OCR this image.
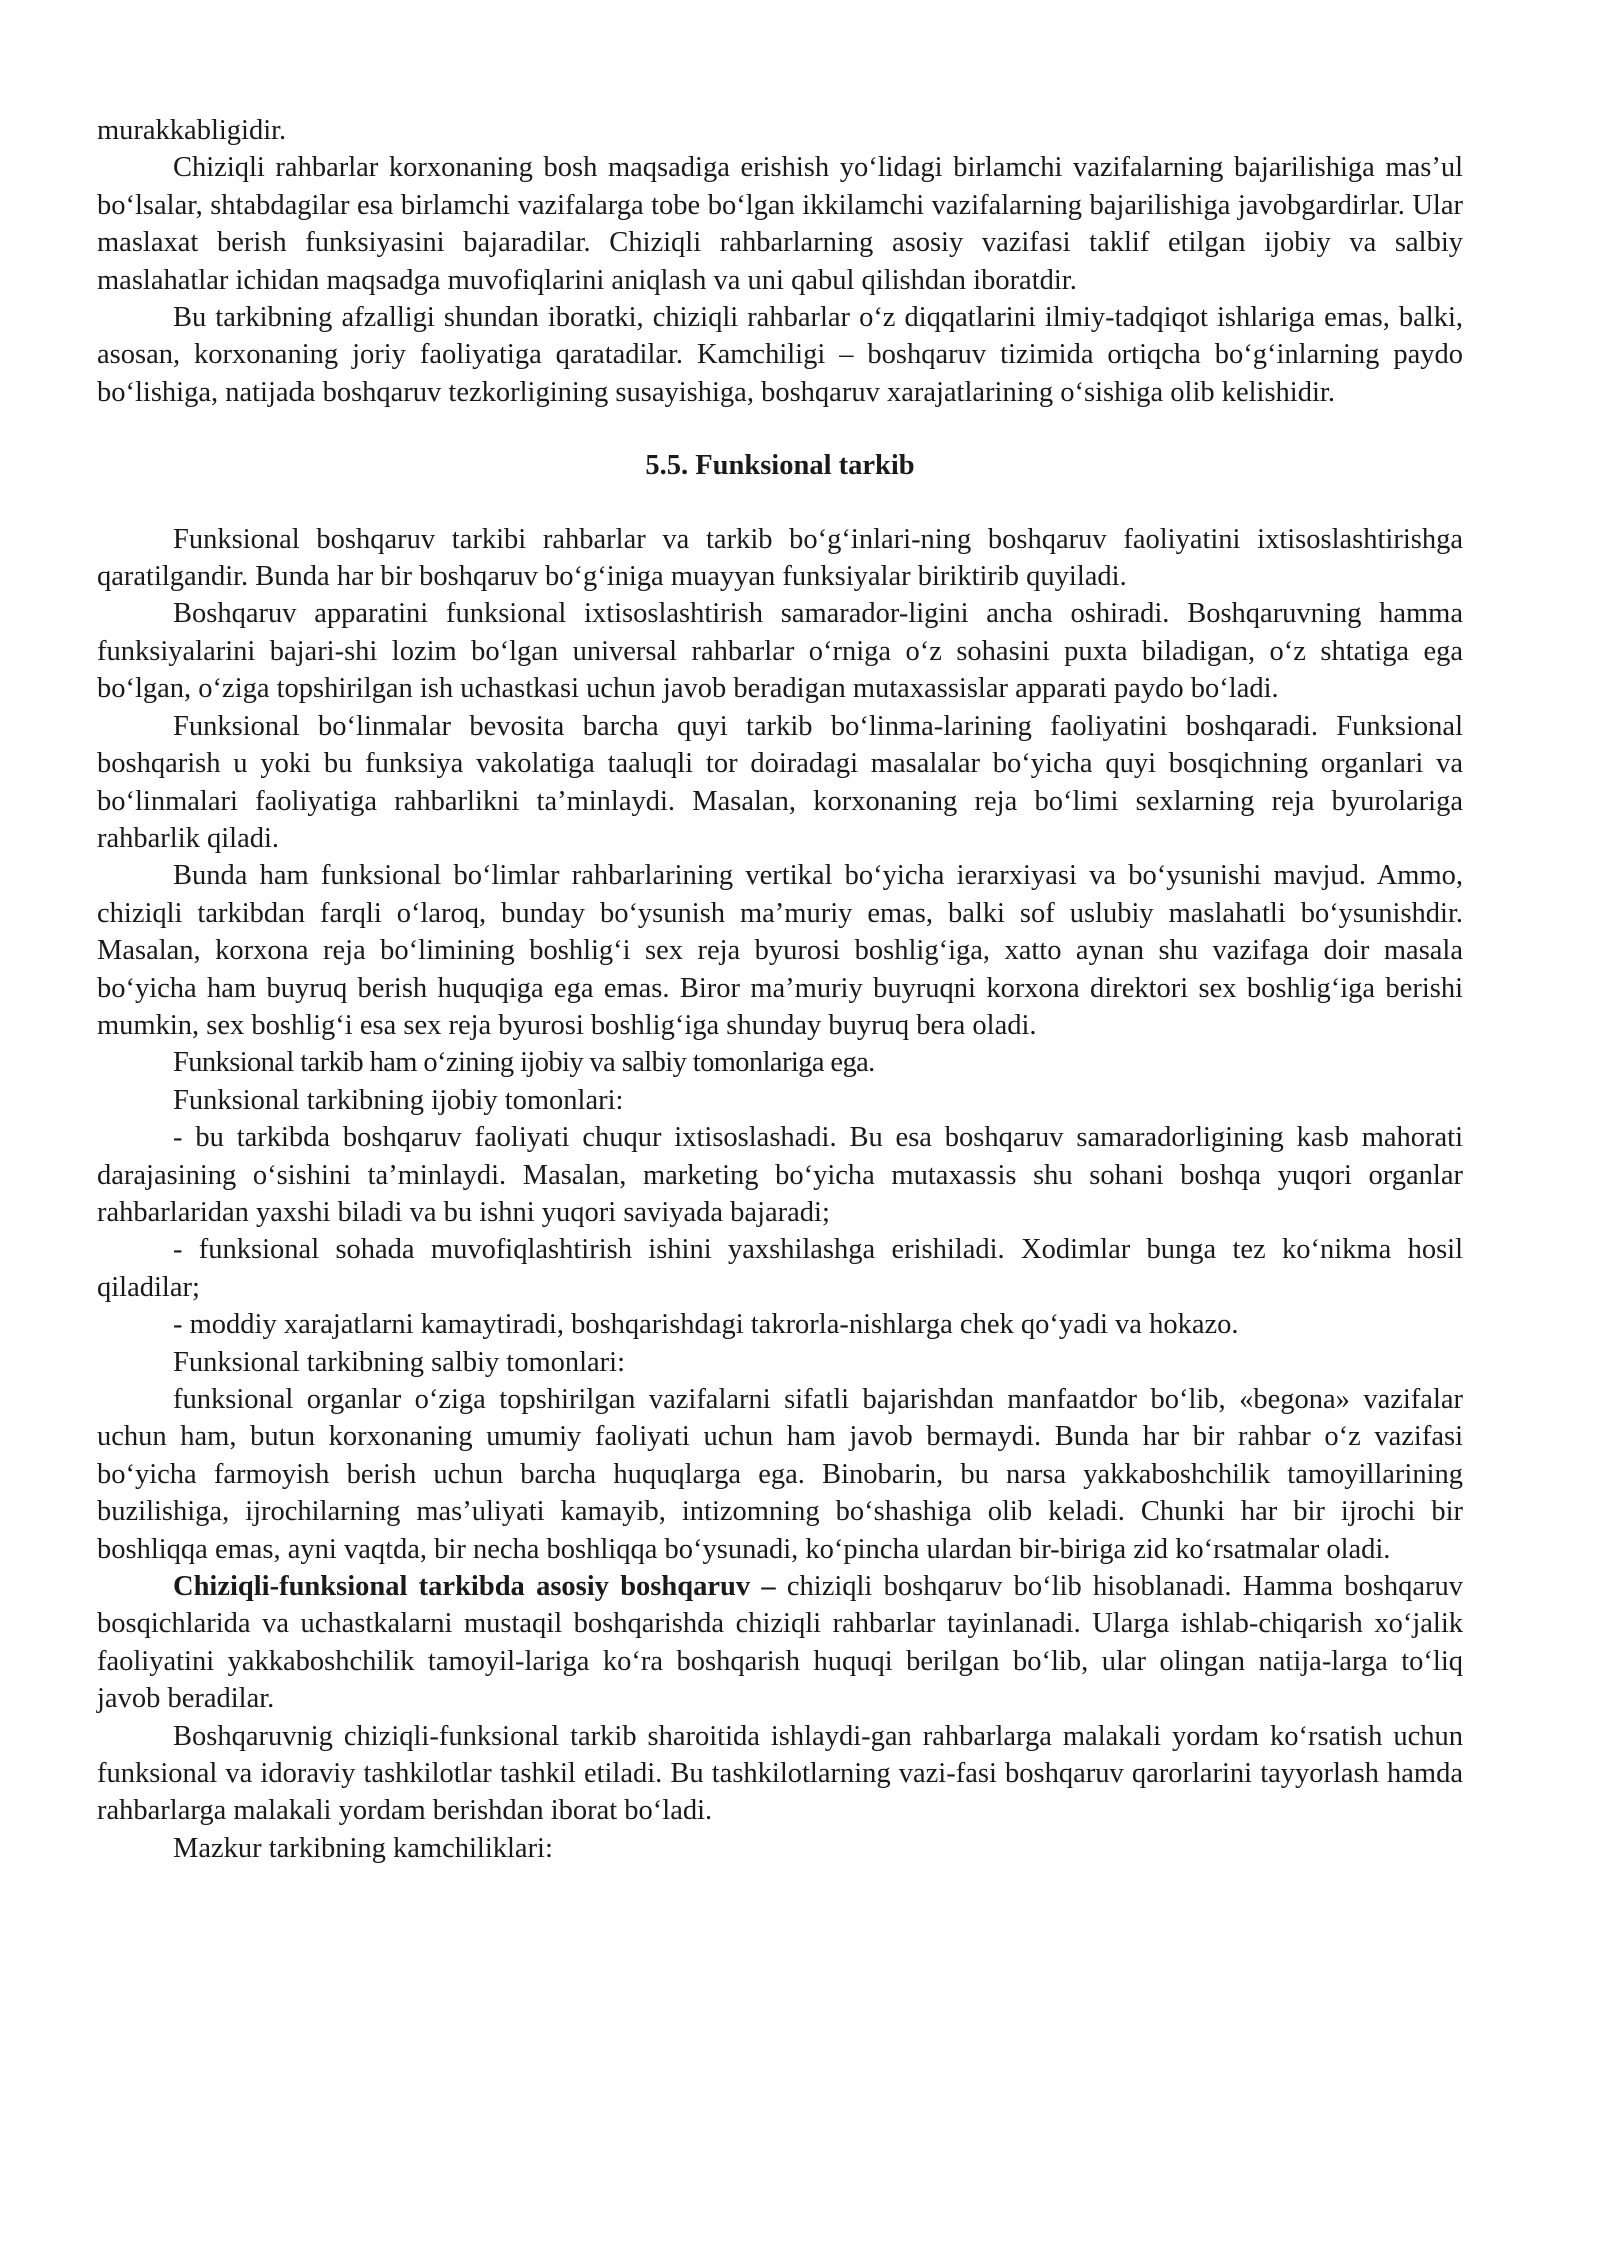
murakkabligidir.

Chiziqli rahbarlar korxonaning bosh maqsadiga erishish yo‘lidagi birlamchi vazifalarning bajarilishiga mas’ul bo‘lsalar, shtabdagilar esa birlamchi vazifalarga tobe bo‘lgan ikkilamchi vazifalarning bajarilishiga javobgardirlar. Ular maslaxat berish funksiyasini bajaradilar. Chiziqli rahbarlarning asosiy vazifasi taklif etilgan ijobiy va salbiy maslahatlar ichidan maqsadga muvofiqlarini aniqlash va uni qabul qilishdan iboratdir.

Bu tarkibning afzalligi shundan iboratki, chiziqli rahbarlar o‘z diqqatlarini ilmiy-tadqiqot ishlariga emas, balki, asosan, korxonaning joriy faoliyatiga qaratadilar. Kamchiligi – boshqaruv tizimida ortiqcha bo‘g‘inlarning paydo bo‘lishiga, natijada boshqaruv tezkorligining susayishiga, boshqaruv xarajatlarining o‘sishiga olib kelishidir.

5.5. Funksional tarkib

Funksional boshqaruv tarkibi rahbarlar va tarkib bo‘g‘inlari-ning boshqaruv faoliyatini ixtisoslashtirishga qaratilgandir. Bunda har bir boshqaruv bo‘g‘iniga muayyan funksiyalar biriktirib quyiladi.

Boshqaruv apparatini funksional ixtisoslashtirish samarador-ligini ancha oshiradi. Boshqaruvning hamma funksiyalarini bajari-shi lozim bo‘lgan universal rahbarlar o‘rniga o‘z sohasini puxta biladigan, o‘z shtatiga ega bo‘lgan, o‘ziga topshirilgan ish uchastkasi uchun javob beradigan mutaxassislar apparati paydo bo‘ladi.

Funksional bo‘linmalar bevosita barcha quyi tarkib bo‘linma-larining faoliyatini boshqaradi. Funksional boshqarish u yoki bu funksiya vakolatiga taaluqli tor doiradagi masalalar bo‘yicha quyi bosqichning organlari va bo‘linmalari faoliyatiga rahbarlikni ta’minlaydi. Masalan, korxonaning reja bo‘limi sexlarning reja byurolariga rahbarlik qiladi.

Bunda ham funksional bo‘limlar rahbarlarining vertikal bo‘yicha ierarxiyasi va bo‘ysunishi mavjud. Ammo, chiziqli tarkibdan farqli o‘laroq, bunday bo‘ysunish ma’muriy emas, balki sof uslubiy maslahatli bo‘ysunishdir. Masalan, korxona reja bo‘limining boshlig‘i sex reja byurosi boshlig‘iga, xatto aynan shu vazifaga doir masala bo‘yicha ham buyruq berish huquqiga ega emas. Biror ma’muriy buyruqni korxona direktori sex boshlig‘iga berishi mumkin, sex boshlig‘i esa sex reja byurosi boshlig‘iga shunday buyruq bera oladi.

Funksional tarkib ham o‘zining ijobiy va salbiy tomonlariga ega.

Funksional tarkibning ijobiy tomonlari:

- bu tarkibda boshqaruv faoliyati chuqur ixtisoslashadi. Bu esa boshqaruv samaradorligining kasb mahorati darajasining o‘sishini ta’minlaydi. Masalan, marketing bo‘yicha mutaxassis shu sohani boshqa yuqori organlar rahbarlaridan yaxshi biladi va bu ishni yuqori saviyada bajaradi;

- funksional sohada muvofiqlashtirish ishini yaxshilashga erishiladi. Xodimlar bunga tez ko‘nikma hosil qiladilar;

- moddiy xarajatlarni kamaytiradi, boshqarishdagi takrorla-nishlarga chek qo‘yadi va hokazo.

Funksional tarkibning salbiy tomonlari:

funksional organlar o‘ziga topshirilgan vazifalarni sifatli bajarishdan manfaatdor bo‘lib, «begona» vazifalar uchun ham, butun korxonaning umumiy faoliyati uchun ham javob bermaydi. Bunda har bir rahbar o‘z vazifasi bo‘yicha farmoyish berish uchun barcha huquqlarga ega. Binobarin, bu narsa yakkaboshchilik tamoyillarining buzilishiga, ijrochilarning mas’uliyati kamayib, intizomning bo‘shashiga olib keladi. Chunki har bir ijrochi bir boshliqqa emas, ayni vaqtda, bir necha boshliqqa bo‘ysunadi, ko‘pincha ulardan bir-biriga zid ko‘rsatmalar oladi.

Chiziqli-funksional tarkibda asosiy boshqaruv – chiziqli boshqaruv bo‘lib hisoblanadi. Hamma boshqaruv bosqichlarida va uchastkalarni mustaqil boshqarishda chiziqli rahbarlar tayinlanadi. Ularga ishlab-chiqarish xo‘jalik faoliyatini yakkaboshchilik tamoyil-lariga ko‘ra boshqarish huquqi berilgan bo‘lib, ular olingan natija-larga to‘liq javob beradilar.

Boshqaruvnig chiziqli-funksional tarkib sharoitida ishlaydi-gan rahbarlarga malakali yordam ko‘rsatish uchun funksional va idoraviy tashkilotlar tashkil etiladi. Bu tashkilotlarning vazi-fasi boshqaruv qarorlarini tayyorlash hamda rahbarlarga malakali yordam berishdan iborat bo‘ladi.

Mazkur tarkibning kamchiliklari:
